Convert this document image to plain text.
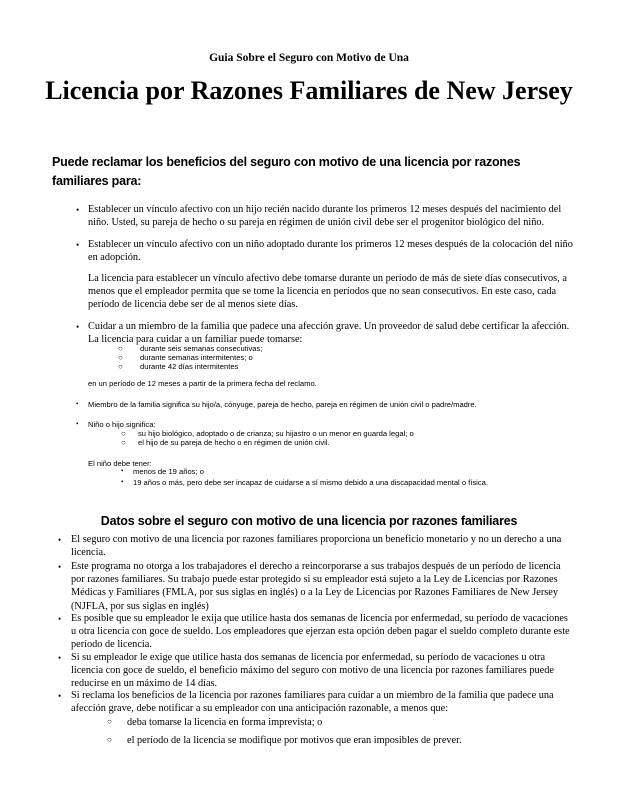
Guia Sobre el Seguro con Motivo de Una
Licencia por Razones Familiares de New Jersey
Puede reclamar los beneficios del seguro con motivo de una licencia por razones familiares para:
• Establecer un vínculo afectivo con un hijo recién nacido durante los primeros 12 meses después del nacimiento del niño. Usted, su pareja de hecho o su pareja en régimen de unión civil debe ser el progenitor biológico del niño.
• Establecer un vínculo afectivo con un niño adoptado durante los primeros 12 meses después de la colocación del niño en adopción.
La licencia para establecer un vínculo afectivo debe tomarse durante un período de más de siete días consecutivos, a menos que el empleador permita que se tome la licencia en períodos que no sean consecutivos. En este caso, cada período de licencia debe ser de al menos siete días.
• Cuidar a un miembro de la familia que padece una afección grave. Un proveedor de salud debe certificar la afección. La licencia para cuidar a un familiar puede tomarse:
○ durante seis semanas consecutivas;
○ durante semanas intermitentes; o
○ durante 42 días intermitentes
en un período de 12 meses a partir de la primera fecha del reclamo.
• Miembro de la familia significa su hijo/a, cónyuge, pareja de hecho, pareja en régimen de unión civil o padre/madre.
• Niño o hijo significa:
○ su hijo biológico, adoptado o de crianza; su hijastro o un menor en guarda legal; o
○ el hijo de su pareja de hecho o en régimen de unión civil.
El niño debe tener:
• menos de 19 años; o
• 19 años o más, pero debe ser incapaz de cuidarse a sí mismo debido a una discapacidad mental o física.
Datos sobre el seguro con motivo de una licencia por razones familiares
• El seguro con motivo de una licencia por razones familiares proporciona un beneficio monetario y no un derecho a una licencia.
• Este programa no otorga a los trabajadores el derecho a reincorporarse a sus trabajos después de un período de licencia por razones familiares. Su trabajo puede estar protegido si su empleador está sujeto a la Ley de Licencias por Razones Médicas y Familiares (FMLA, por sus siglas en inglés) o a la Ley de Licencias por Razones Familiares de New Jersey (NJFLA, por sus siglas en inglés)
• Es posible que su empleador le exija que utilice hasta dos semanas de licencia por enfermedad, su período de vacaciones u otra licencia con goce de sueldo. Los empleadores que ejerzan esta opción deben pagar el sueldo completo durante este período de licencia.
• Si su empleador le exige que utilice hasta dos semanas de licencia por enfermedad, su período de vacaciones u otra licencia con goce de sueldo, el beneficio máximo del seguro con motivo de una licencia por razones familiares puede reducirse en un máximo de 14 días.
• Si reclama los beneficios de la licencia por razones familiares para cuidar a un miembro de la familia que padece una afección grave, debe notificar a su empleador con una anticipación razonable, a menos que:
○ deba tomarse la licencia en forma imprevista; o
○ el período de la licencia se modifique por motivos que eran imposibles de prever.
